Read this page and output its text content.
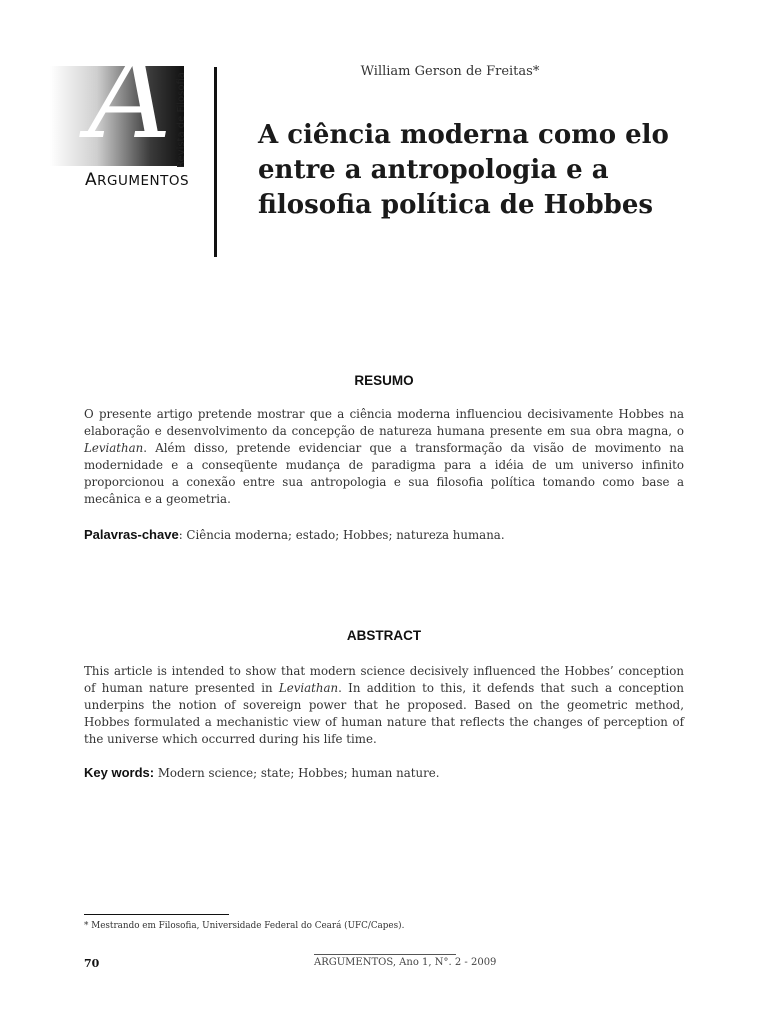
A Revista de Filosofia
ARGUMENTOS
William Gerson de Freitas*
A ciência moderna como elo entre a antropologia e a filosofia política de Hobbes
RESUMO

O presente artigo pretende mostrar que a ciência moderna influenciou decisivamente Hobbes na elaboração e desenvolvimento da concepção de natureza humana presente em sua obra magna, o Leviathan. Além disso, pretende evidenciar que a transformação da visão de movimento na modernidade e a conseqüente mudança de paradigma para a idéia de um universo infinito proporcionou a conexão entre sua antropologia e sua filosofia política tomando como base a mecânica e a geometria.

Palavras-chave: Ciência moderna; estado; Hobbes; natureza humana.
ABSTRACT

This article is intended to show that modern science decisively influenced the Hobbes’ conception of human nature presented in Leviathan. In addition to this, it defends that such a conception underpins the notion of sovereign power that he proposed. Based on the geometric method, Hobbes formulated a mechanistic view of human nature that reflects the changes of perception of the universe which occurred during his life time.

Key words: Modern science; state; Hobbes; human nature.
* Mestrando em Filosofia, Universidade Federal do Ceará (UFC/Capes).
70	ARGUMENTOS, Ano 1, N°. 2 - 2009
